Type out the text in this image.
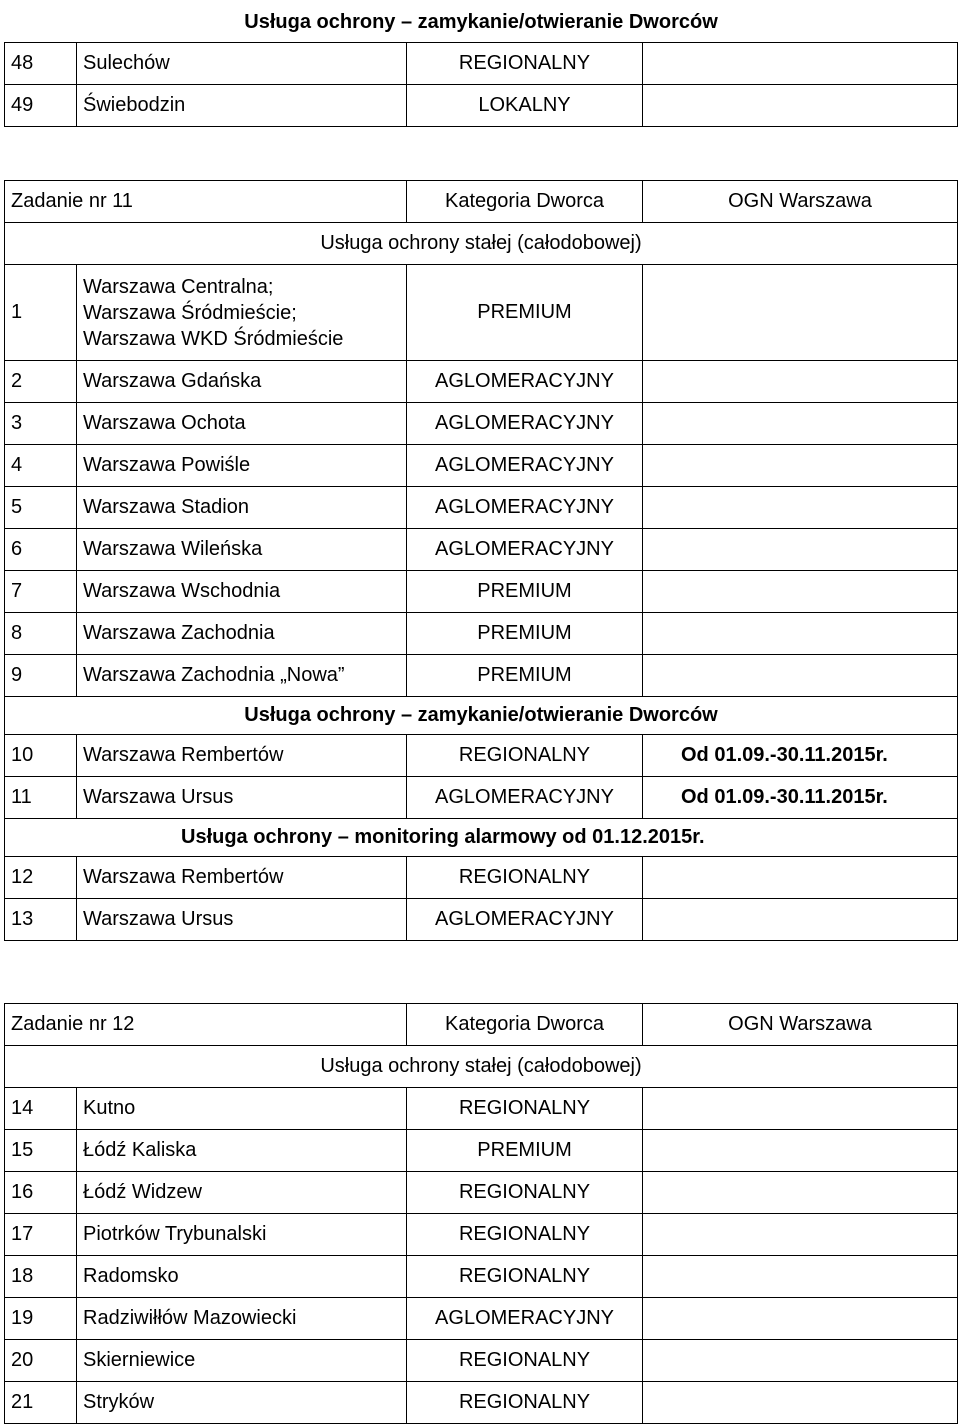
Usługa ochrony – zamykanie/otwieranie Dworców			
48	Sulechów	REGIONALNY	
49	Świebodzin	LOKALNY	
Zadanie nr 11		Kategoria Dworca	OGN Warszawa
Usługa ochrony stałej (całodobowej)			
1	Warszawa Centralna;
Warszawa Śródmieście;
Warszawa WKD Śródmieście	PREMIUM	
2	Warszawa Gdańska	AGLOMERACYJNY	
3	Warszawa Ochota	AGLOMERACYJNY	
4	Warszawa Powiśle	AGLOMERACYJNY	
5	Warszawa Stadion	AGLOMERACYJNY	
6	Warszawa Wileńska	AGLOMERACYJNY	
7	Warszawa Wschodnia	PREMIUM	
8	Warszawa Zachodnia	PREMIUM	
9	Warszawa Zachodnia „Nowa”	PREMIUM	
Usługa ochrony – zamykanie/otwieranie Dworców			
10	Warszawa Rembertów	REGIONALNY	Od 01.09.-30.11.2015r.
11	Warszawa Ursus	AGLOMERACYJNY	Od 01.09.-30.11.2015r.
Usługa ochrony – monitoring alarmowy od 01.12.2015r.			
12	Warszawa Rembertów	REGIONALNY	
13	Warszawa Ursus	AGLOMERACYJNY	
Zadanie nr 12		Kategoria Dworca	OGN Warszawa
Usługa ochrony stałej (całodobowej)			
14	Kutno	REGIONALNY	
15	Łódź Kaliska	PREMIUM	
16	Łódź Widzew	REGIONALNY	
17	Piotrków Trybunalski	REGIONALNY	
18	Radomsko	REGIONALNY	
19	Radziwiłłów Mazowiecki	AGLOMERACYJNY	
20	Skierniewice	REGIONALNY	
21	Stryków	REGIONALNY	
